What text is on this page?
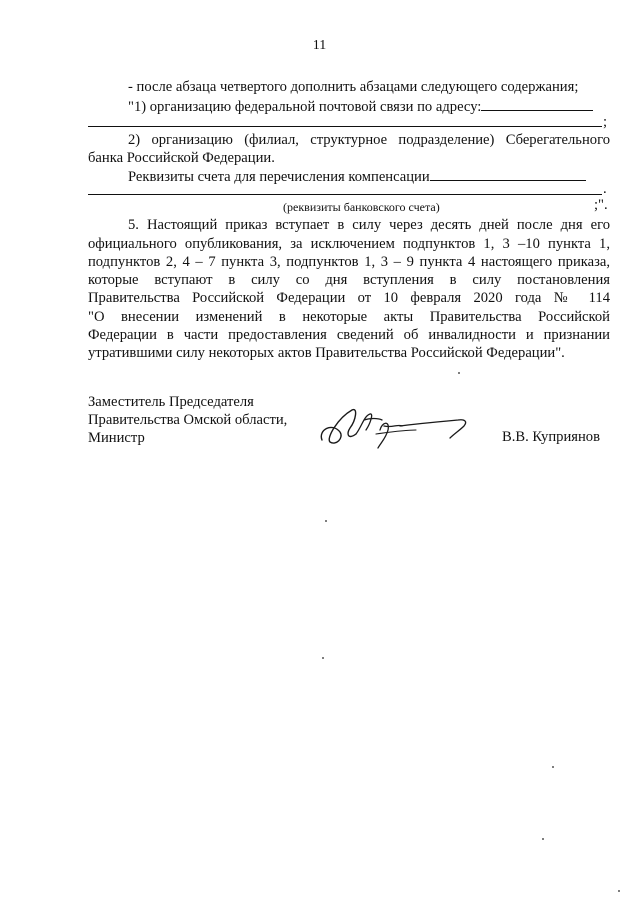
11
- после абзаца четвертого дополнить абзацами следующего содержания;
"1) организацию федеральной почтовой связи по адресу:
;
2) организацию (филиал, структурное подразделение) Сберегательного
банка Российской Федерации.
Реквизиты счета для перечисления компенсации
.
(реквизиты банковского счета)	;".
5. Настоящий приказ вступает в силу через десять дней после дня его
официального опубликования, за исключением подпунктов 1, 3 –10 пункта 1,
подпунктов 2, 4 – 7 пункта 3, подпунктов 1, 3 – 9 пункта 4 настоящего приказа,
которые вступают в силу со дня вступления в силу постановления
Правительства Российской Федерации от 10 февраля 2020 года № 114
"О внесении изменений в некоторые акты Правительства Российской
Федерации в части предоставления сведений об инвалидности и признании
утратившими силу некоторых актов Правительства Российской Федерации".
Заместитель Председателя
Правительства Омской области,
Министр	В.В. Куприянов
